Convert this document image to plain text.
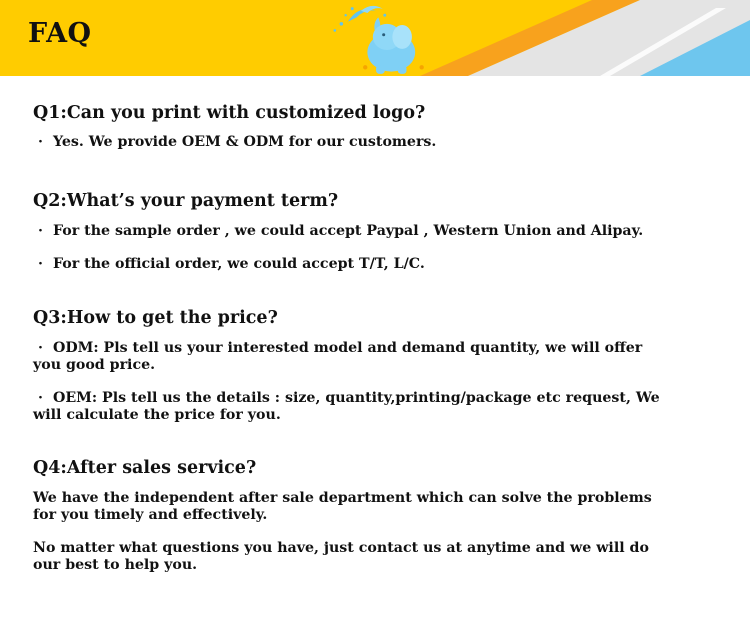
FAQ
Q1:Can you print with customized logo?

· Yes. We provide OEM & ODM for our customers.

Q2:What’s your payment term?

· For the sample order , we could accept Paypal , Western Union and Alipay.

· For the official order, we could accept T/T, L/C.

Q3:How to get the price?

· ODM: Pls tell us your interested model and demand quantity, we will offer you good price.

· OEM: Pls tell us the details : size, quantity,printing/package etc request, We will calculate the price for you.

Q4:After sales service?

We have the independent after sale department which can solve the problems for you timely and effectively.

No matter what questions you have, just contact us at anytime and we will do our best to help you.
